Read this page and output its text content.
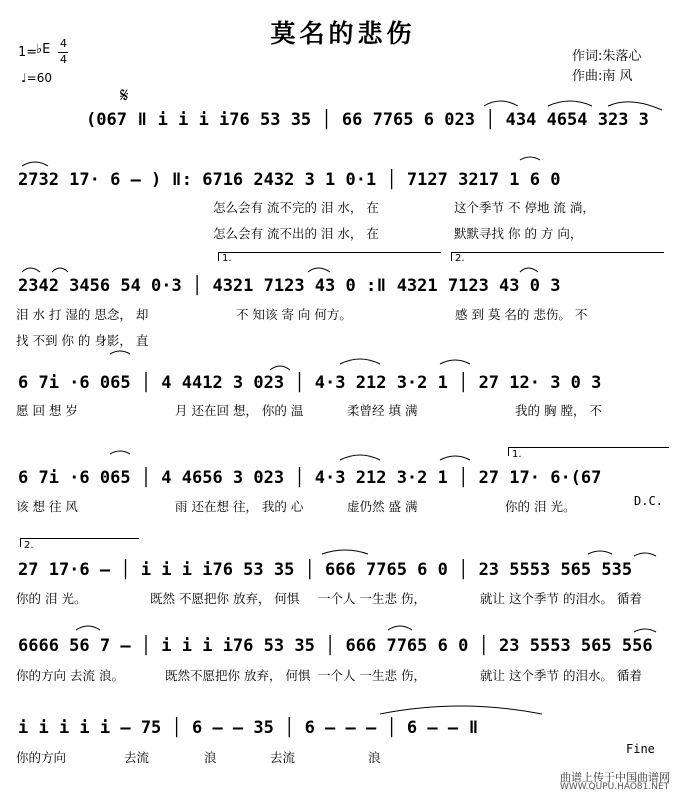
莫名的悲伤
1=
♭E 4
4
♩=60
作词:朱落心
作曲:南 风
𝄋
(067 ǁ i i i i76 53 35 │ 66 7765 6 023 │ 434 4654 323 3
2732 17· 6 – ) ǁ: 6716 2432 3 1 0·1 │ 7127 3217 1 6 0
怎么会有 流不完的 泪 水， 在	这个季节 不 停地 流 淌，
怎么会有 流不出的 泪 水， 在	默默寻找 你 的 方 向，
1.	2.
2342 3456 54 0·3 │ 4321 7123 43 0 :ǁ 4321 7123 43 0 3
泪 水 打 湿的 思念， 却	不 知该 寄 向 何方。	感 到 莫 名的 悲伤。 不
找 不到 你 的 身影， 直
6 7i ·6 065 │ 4 4412 3 023 │ 4·3 212 3·2 1 │ 27 12· 3 0 3
愿 回 想 岁	月 还在回 想， 你的 温	柔曾经 填 满	我的 胸 膛， 不
1.
6 7i ·6 065 │ 4 4656 3 023 │ 4·3 212 3·2 1 │ 27 17· 6·(67
该 想 往 风	雨 还在想 往， 我的 心	虚仍然 盛 满	你的 泪 光。	D.C.
2.
27 17·6 – │ i i i i76 53 35 │ 666 7765 6 0 │ 23 5553 565 535
你的 泪 光。	既然 不愿把你 放弃， 何惧 一个人 一生悲 伤，	就让 这个季节 的泪水。 循着
6666 56 7 – │ i i i i76 53 35 │ 666 7765 6 0 │ 23 5553 565 556
你的方向 去流 浪。	既然不愿把你 放弃， 何惧 一个人 一生悲 伤，	就让 这个季节 的泪水。 循着
i i i i i – 75 │ 6 – – 35 │ 6 – – – │ 6 – – ǁ
你的方向	去流	浪	去流	浪
Fine
曲谱上传于中国曲谱网
WWW.QUPU.HAO81.NET
